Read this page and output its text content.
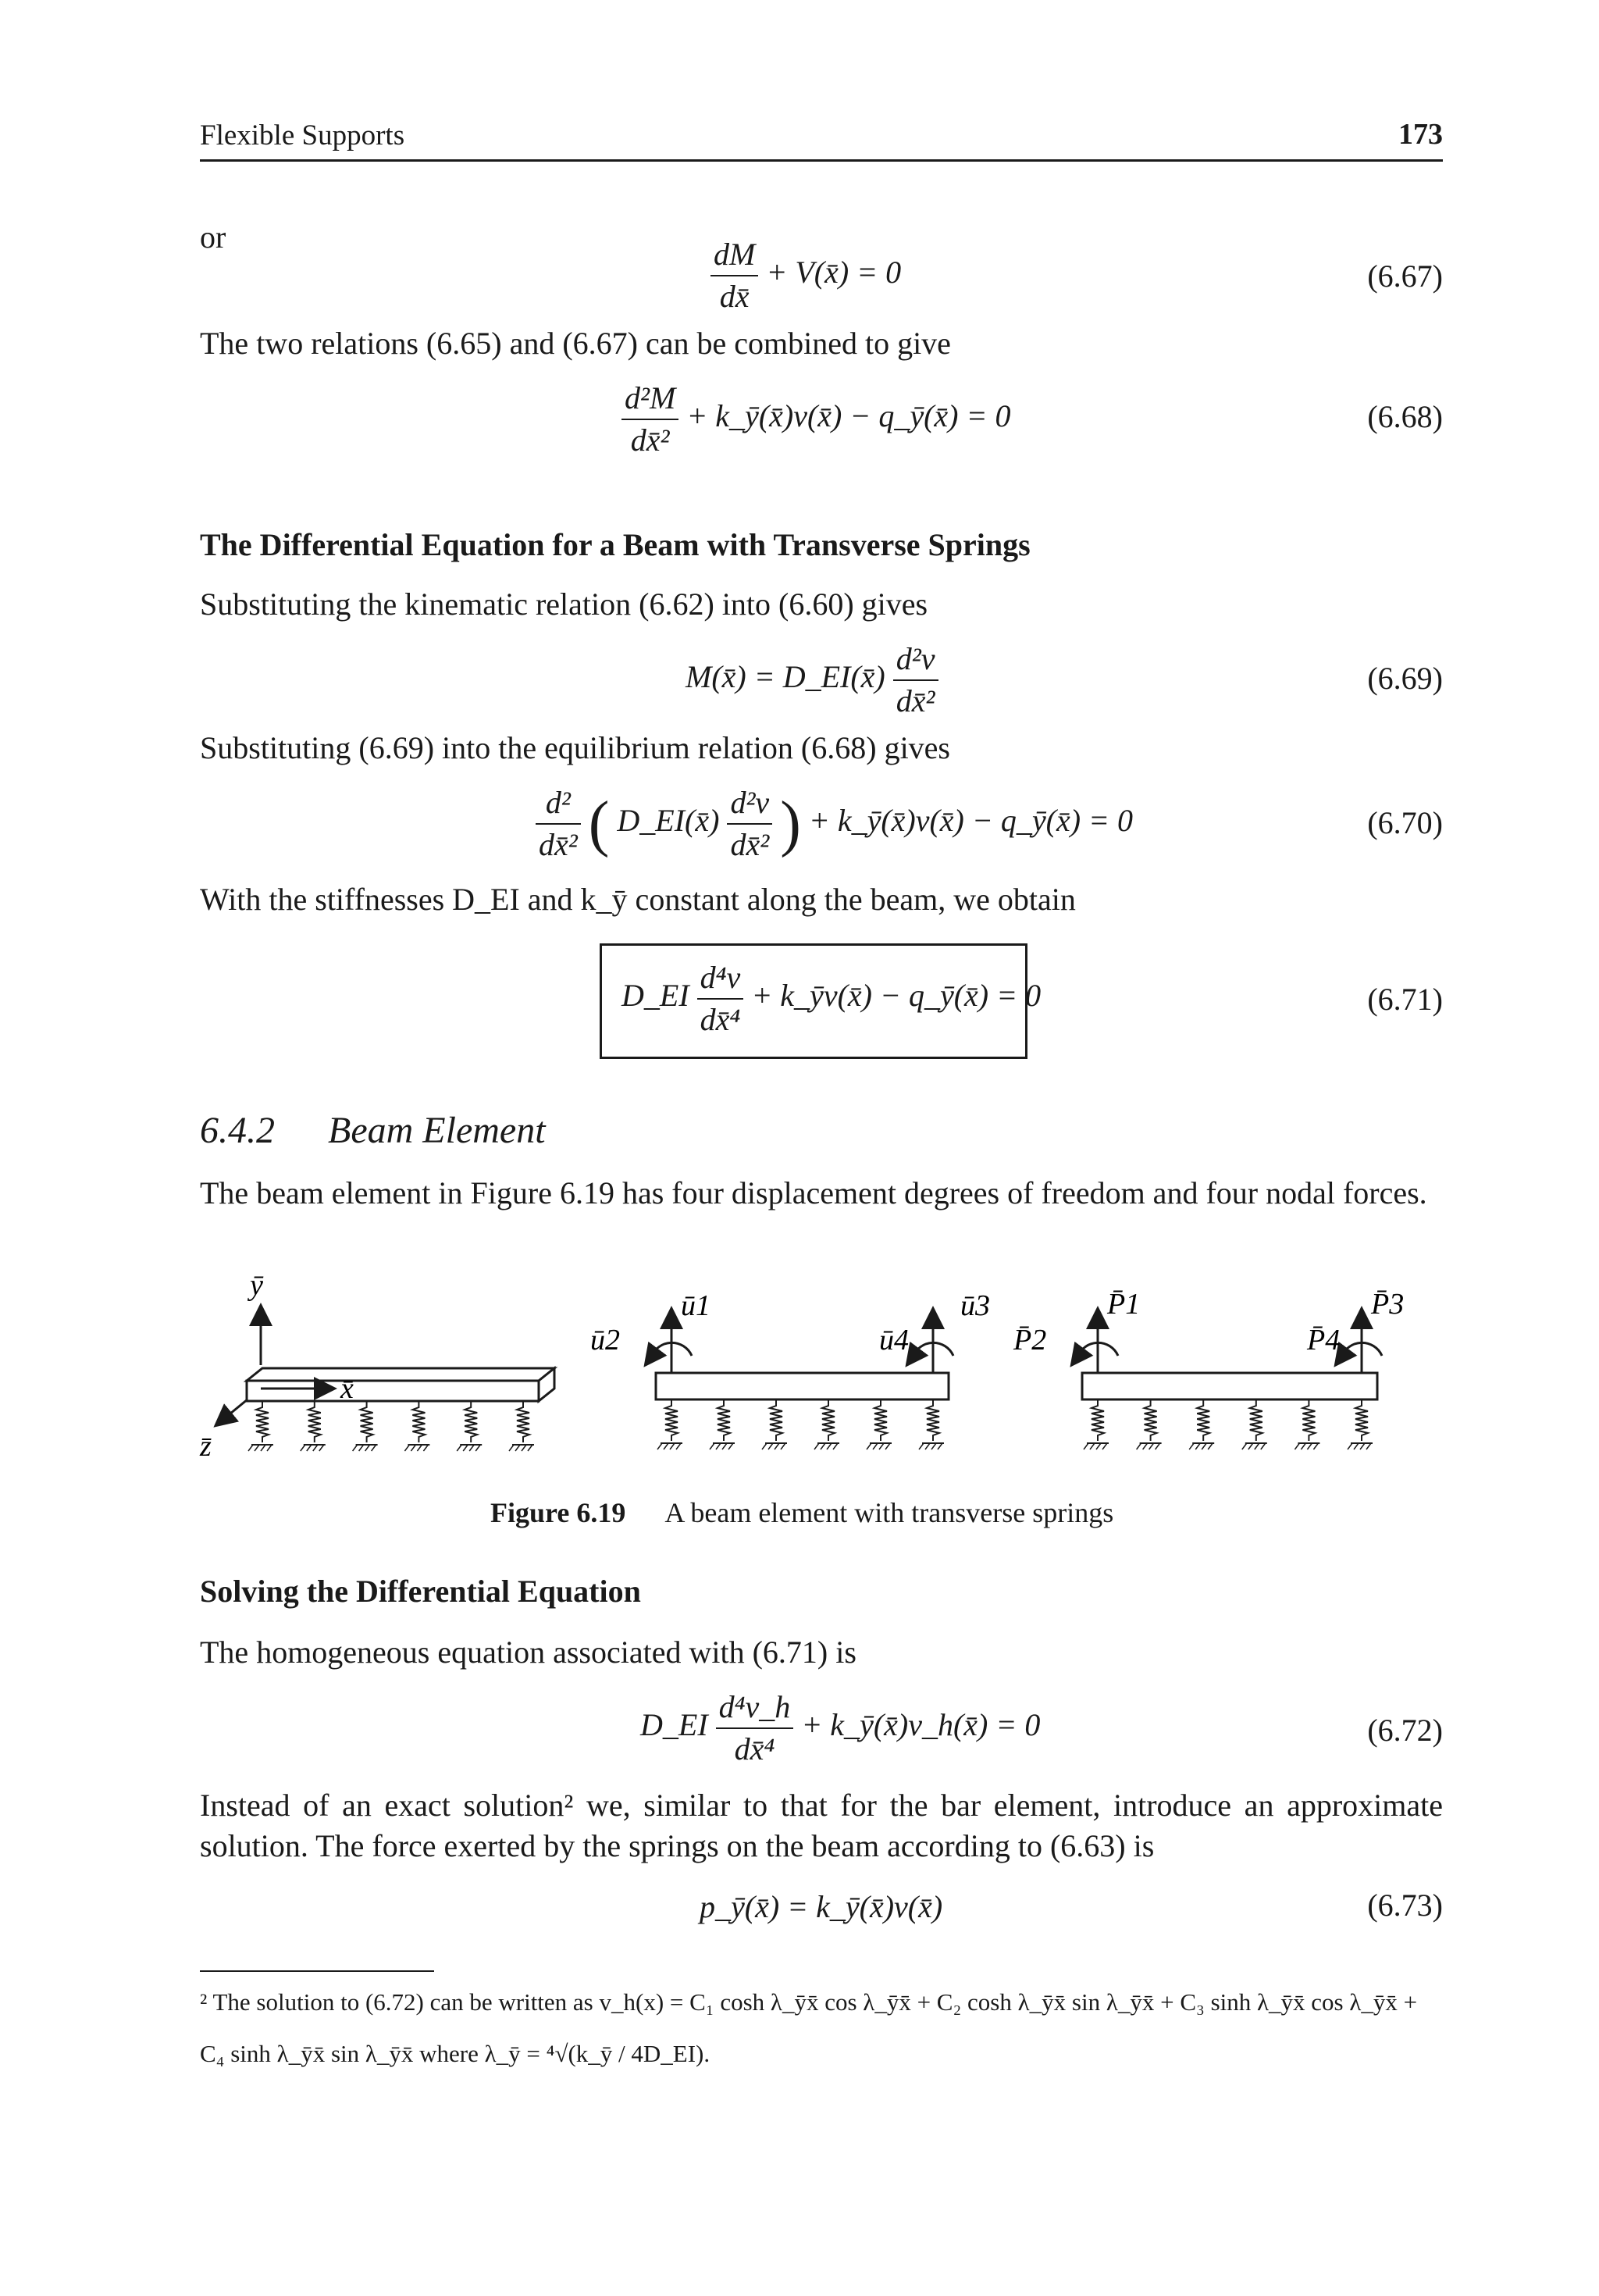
Flexible Supports	173
or	$\frac{dM}{dx̄}$ + V(x̄) = 0	(6.67)
The two relations (6.65) and (6.67) can be combined to give
$\frac{\text{d²M}}{\text{dx̄²}}$ + k_ȳ(x̄)v(x̄) − q_ȳ(x̄) = 0	(6.68)
The Differential Equation for a Beam with Transverse Springs
Substituting the kinematic relation (6.62) into (6.60) gives
M(x̄) = D_EI(x̄) $\frac{\text{d²v}}{\text{dx̄²}}$	(6.69)
Substituting (6.69) into the equilibrium relation (6.68) gives
$\frac{\text{d²}}{\text{dx̄²}}$ ( D_EI(x̄) $\frac{\text{d²v}}{\text{dx̄²}}$ ) + k_ȳ(x̄)v(x̄) − q_ȳ(x̄) = 0	(6.70)
With the stiffnesses D_EI and k_ȳ constant along the beam, we obtain
D_EI $\frac{\text{d⁴v}}{\text{dx̄⁴}}$ + k_ȳv(x̄) − q_ȳ(x̄) = 0	(6.71)
6.4.2 Beam Element
The beam element in Figure 6.19 has four displacement degrees of freedom and four nodal forces.
ȳ
z̄
x̄
ū1
ū2
ū3
ū4
P̄1
P̄2
P̄3
P̄4
Figure 6.19 A beam element with transverse springs
Solving the Differential Equation
The homogeneous equation associated with (6.71) is
D_EI $\frac{\text{d⁴v\_h}}{\text{dx̄⁴}}$ + k_ȳ(x̄)v_h(x̄) = 0	(6.72)
Instead of an exact solution² we, similar to that for the bar element, introduce an approximate solution. The force exerted by the springs on the beam according to (6.63) is
p_ȳ(x̄) = k_ȳ(x̄)v(x̄)	(6.73)
² The solution to (6.72) can be written as v_h(x) = C₁ cosh λ_ȳx̄ cos λ_ȳx̄ + C₂ cosh λ_ȳx̄ sin λ_ȳx̄ + C₃ sinh λ_ȳx̄ cos λ_ȳx̄ +
C₄ sinh λ_ȳx̄ sin λ_ȳx̄ where λ_ȳ = ⁴√(k_ȳ / 4D_EI).
